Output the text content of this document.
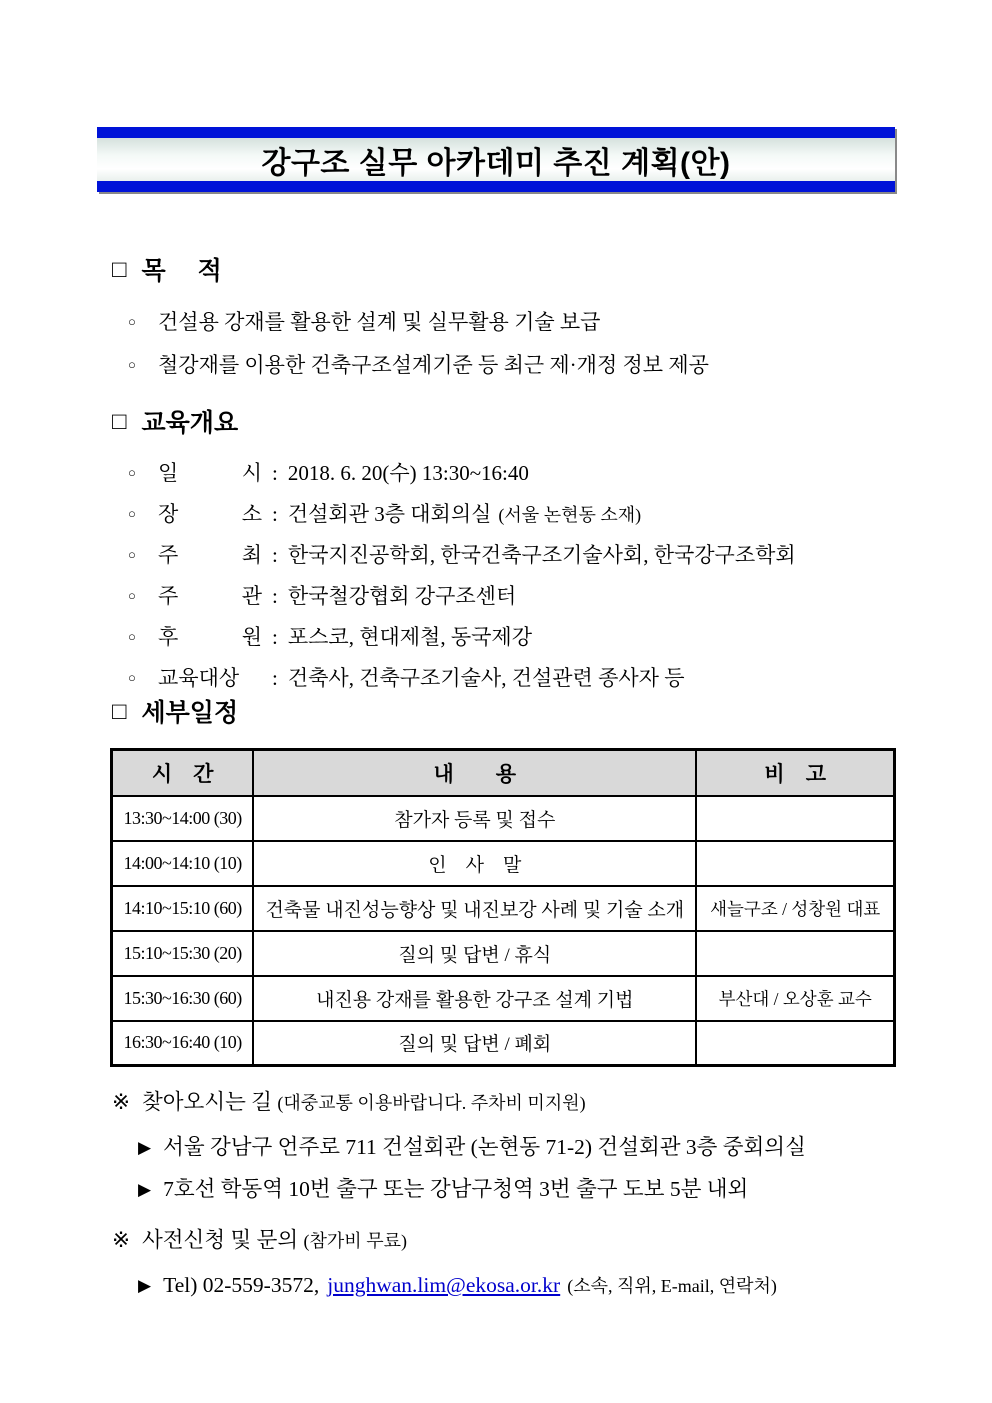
강구조 실무 아카데미 추진 계획(안)
□ 목　 적
○	건설용 강재를 활용한 설계 및 실무활용 기술 보급
○	철강재를 이용한 건축구조설계기준 등 최근 제·개정 정보 제공
□ 교육개요
○	일 시 : 2018. 6. 20(수) 13:30~16:40
○	장 소 : 건설회관 3층 대회의실 (서울 논현동 소재)
○	주 최 : 한국지진공학회, 한국건축구조기술사회, 한국강구조학회
○	주 관 : 한국철강협회 강구조센터
○	후 원 : 포스코, 현대제철, 동국제강
○	교육대상	: 건축사, 건축구조기술사, 건설관련 종사자 등
□ 세부일정
시　간	내　　용	비　고
13:30~14:00 (30)	참가자 등록 및 접수	
14:00~14:10 (10)	인　사　말	
14:10~15:10 (60)	건축물 내진성능향상 및 내진보강 사례 및 기술 소개	새늘구조 / 성창원 대표
15:10~15:30 (20)	질의 및 답변 / 휴식	
15:30~16:30 (60)	내진용 강재를 활용한 강구조 설계 기법	부산대 / 오상훈 교수
16:30~16:40 (10)	질의 및 답변 / 폐회	
※ 찾아오시는 길 (대중교통 이용바랍니다. 주차비 미지원)
▶ 서울 강남구 언주로 711 건설회관 (논현동 71-2) 건설회관 3층 중회의실
▶ 7호선 학동역 10번 출구 또는 강남구청역 3번 출구 도보 5분 내외
※ 사전신청 및 문의 (참가비 무료)
▶ Tel) 02-559-3572, junghwan.lim@ekosa.or.kr (소속, 직위, E-mail, 연락처)
